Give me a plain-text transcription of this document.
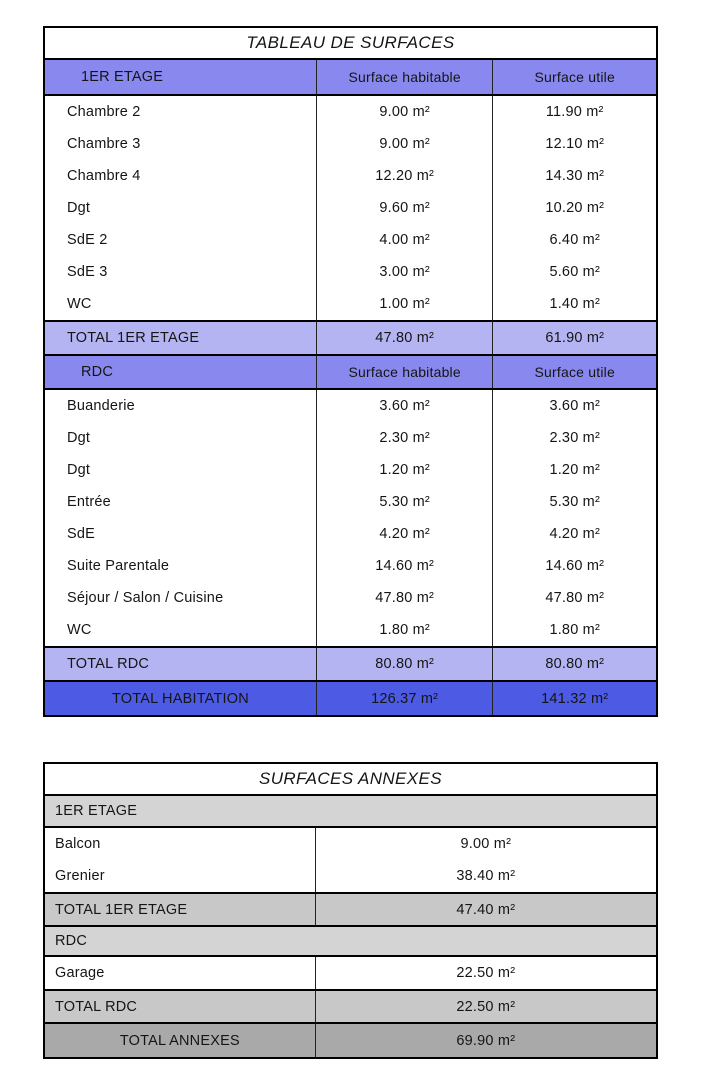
TABLEAU DE SURFACES
1ER ETAGE	Surface habitable	Surface utile
Chambre 2	9.00 m²	11.90 m²
Chambre 3	9.00 m²	12.10 m²
Chambre 4	12.20 m²	14.30 m²
Dgt	9.60 m²	10.20 m²
SdE 2	4.00 m²	6.40 m²
SdE 3	3.00 m²	5.60 m²
WC	1.00 m²	1.40 m²
TOTAL 1ER ETAGE	47.80 m²	61.90 m²
RDC	Surface habitable	Surface utile
Buanderie	3.60 m²	3.60 m²
Dgt	2.30 m²	2.30 m²
Dgt	1.20 m²	1.20 m²
Entrée	5.30 m²	5.30 m²
SdE	4.20 m²	4.20 m²
Suite Parentale	14.60 m²	14.60 m²
Séjour / Salon / Cuisine	47.80 m²	47.80 m²
WC	1.80 m²	1.80 m²
TOTAL RDC	80.80 m²	80.80 m²
TOTAL HABITATION	126.37 m²	141.32 m²
SURFACES ANNEXES
1ER ETAGE
Balcon	9.00 m²
Grenier	38.40 m²
TOTAL 1ER ETAGE	47.40 m²
RDC
Garage	22.50 m²
TOTAL RDC	22.50 m²
TOTAL ANNEXES	69.90 m²
